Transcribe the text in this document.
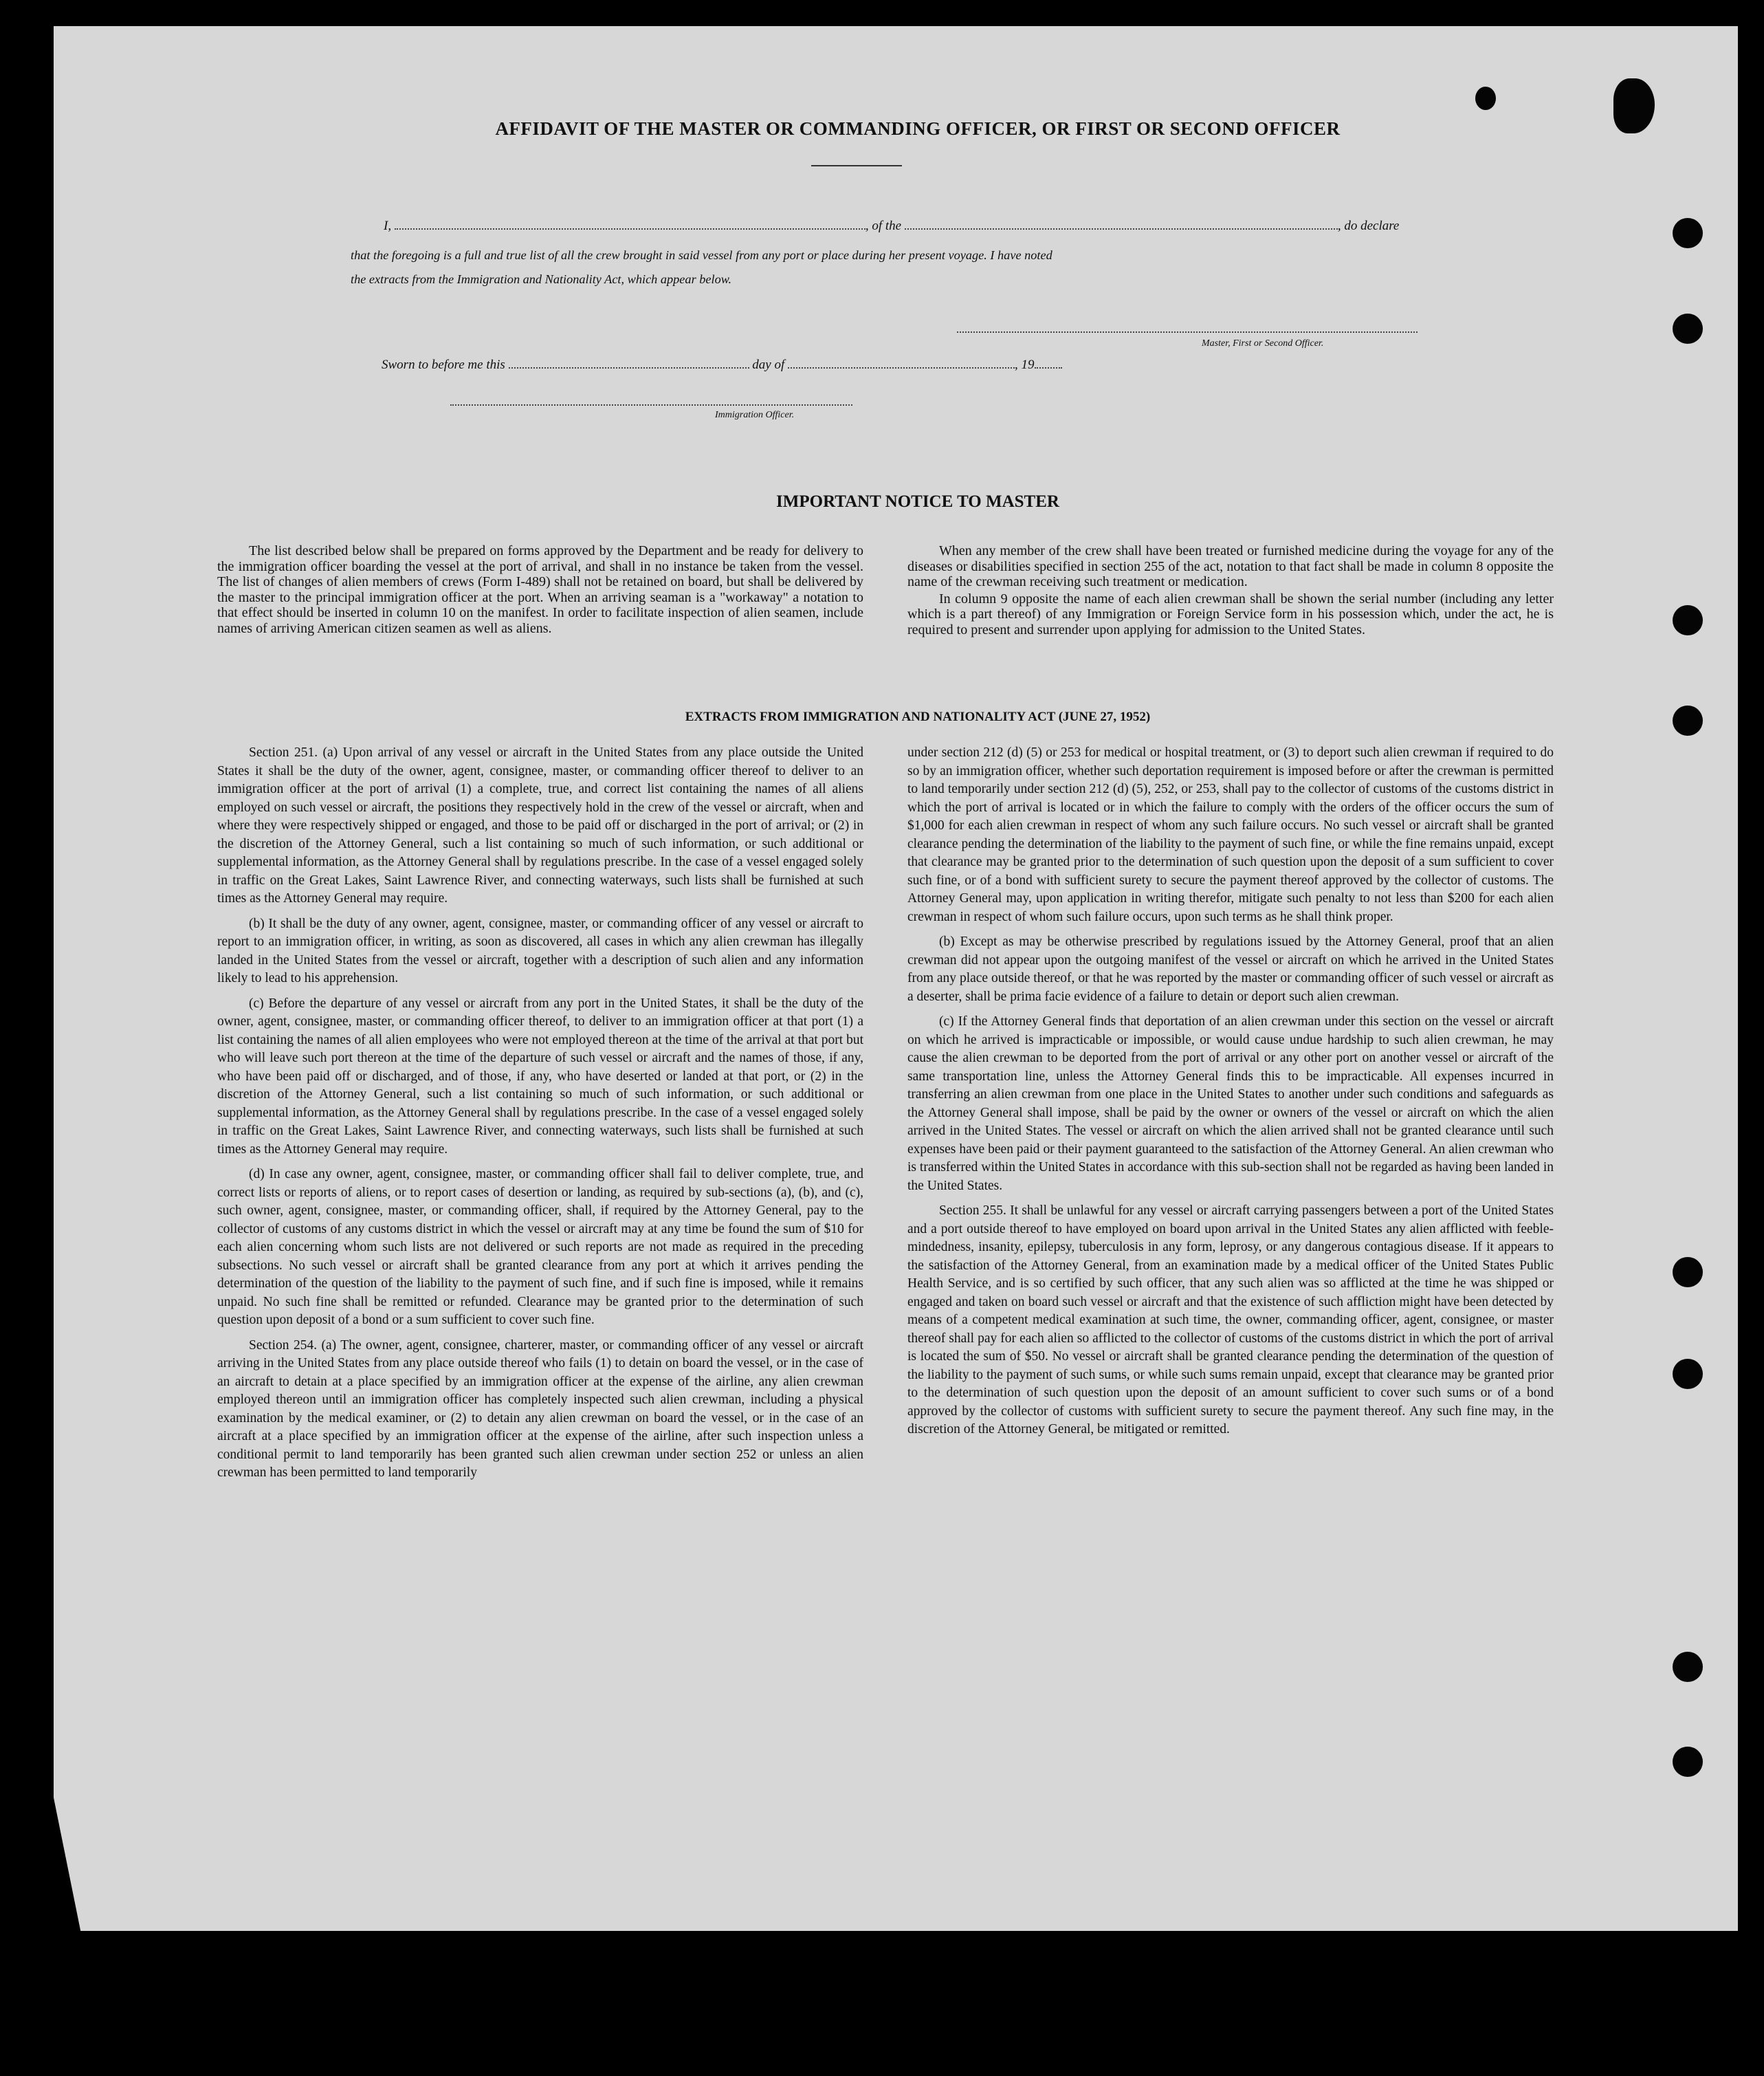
AFFIDAVIT OF THE MASTER OR COMMANDING OFFICER, OR FIRST OR SECOND OFFICER
I,	, of the	, do declare
that the foregoing is a full and true list of all the crew brought in said vessel from any port or place during her present voyage. I have noted
the extracts from the Immigration and Nationality Act, which appear below.
Master, First or Second Officer.
Sworn to before me this	day of	, 19
Immigration Officer.
IMPORTANT NOTICE TO MASTER

The list described below shall be prepared on forms approved by the Department and be ready for delivery to the immigration officer boarding the vessel at the port of arrival, and shall in no instance be taken from the vessel. The list of changes of alien members of crews (Form I-489) shall not be retained on board, but shall be delivered by the master to the principal immigration officer at the port. When an arriving seaman is a "workaway" a notation to that effect should be inserted in column 10 on the manifest. In order to facilitate inspection of alien seamen, include names of arriving American citizen seamen as well as aliens.

When any member of the crew shall have been treated or furnished medicine during the voyage for any of the diseases or disabilities specified in section 255 of the act, notation to that fact shall be made in column 8 opposite the name of the crewman receiving such treatment or medication.

In column 9 opposite the name of each alien crewman shall be shown the serial number (including any letter which is a part thereof) of any Immigration or Foreign Service form in his possession which, under the act, he is required to present and surrender upon applying for admission to the United States.

EXTRACTS FROM IMMIGRATION AND NATIONALITY ACT (JUNE 27, 1952)

Section 251. (a) Upon arrival of any vessel or aircraft in the United States from any place outside the United States it shall be the duty of the owner, agent, consignee, master, or commanding officer thereof to deliver to an immigration officer at the port of arrival (1) a complete, true, and correct list containing the names of all aliens employed on such vessel or aircraft, the positions they respectively hold in the crew of the vessel or aircraft, when and where they were respectively shipped or engaged, and those to be paid off or discharged in the port of arrival; or (2) in the discretion of the Attorney General, such a list containing so much of such information, or such additional or supplemental information, as the Attorney General shall by regulations prescribe. In the case of a vessel engaged solely in traffic on the Great Lakes, Saint Lawrence River, and connecting waterways, such lists shall be furnished at such times as the Attorney General may require.

(b) It shall be the duty of any owner, agent, consignee, master, or commanding officer of any vessel or aircraft to report to an immigration officer, in writing, as soon as discovered, all cases in which any alien crewman has illegally landed in the United States from the vessel or aircraft, together with a description of such alien and any information likely to lead to his apprehension.

(c) Before the departure of any vessel or aircraft from any port in the United States, it shall be the duty of the owner, agent, consignee, master, or commanding officer thereof, to deliver to an immigration officer at that port (1) a list containing the names of all alien employees who were not employed thereon at the time of the arrival at that port but who will leave such port thereon at the time of the departure of such vessel or aircraft and the names of those, if any, who have been paid off or discharged, and of those, if any, who have deserted or landed at that port, or (2) in the discretion of the Attorney General, such a list containing so much of such information, or such additional or supplemental information, as the Attorney General shall by regulations prescribe. In the case of a vessel engaged solely in traffic on the Great Lakes, Saint Lawrence River, and connecting waterways, such lists shall be furnished at such times as the Attorney General may require.

(d) In case any owner, agent, consignee, master, or commanding officer shall fail to deliver complete, true, and correct lists or reports of aliens, or to report cases of desertion or landing, as required by sub-sections (a), (b), and (c), such owner, agent, consignee, master, or commanding officer, shall, if required by the Attorney General, pay to the collector of customs of any customs district in which the vessel or aircraft may at any time be found the sum of $10 for each alien concerning whom such lists are not delivered or such reports are not made as required in the preceding subsections. No such vessel or aircraft shall be granted clearance from any port at which it arrives pending the determination of the question of the liability to the payment of such fine, and if such fine is imposed, while it remains unpaid. No such fine shall be remitted or refunded. Clearance may be granted prior to the determination of such question upon deposit of a bond or a sum sufficient to cover such fine.

Section 254. (a) The owner, agent, consignee, charterer, master, or commanding officer of any vessel or aircraft arriving in the United States from any place outside thereof who fails (1) to detain on board the vessel, or in the case of an aircraft to detain at a place specified by an immigration officer at the expense of the airline, any alien crewman employed thereon until an immigration officer has completely inspected such alien crewman, including a physical examination by the medical examiner, or (2) to detain any alien crewman on board the vessel, or in the case of an aircraft at a place specified by an immigration officer at the expense of the airline, after such inspection unless a conditional permit to land temporarily has been granted such alien crewman under section 252 or unless an alien crewman has been permitted to land temporarily

under section 212 (d) (5) or 253 for medical or hospital treatment, or (3) to deport such alien crewman if required to do so by an immigration officer, whether such deportation requirement is imposed before or after the crewman is permitted to land temporarily under section 212 (d) (5), 252, or 253, shall pay to the collector of customs of the customs district in which the port of arrival is located or in which the failure to comply with the orders of the officer occurs the sum of $1,000 for each alien crewman in respect of whom any such failure occurs. No such vessel or aircraft shall be granted clearance pending the determination of the liability to the payment of such fine, or while the fine remains unpaid, except that clearance may be granted prior to the determination of such question upon the deposit of a sum sufficient to cover such fine, or of a bond with sufficient surety to secure the payment thereof approved by the collector of customs. The Attorney General may, upon application in writing therefor, mitigate such penalty to not less than $200 for each alien crewman in respect of whom such failure occurs, upon such terms as he shall think proper.

(b) Except as may be otherwise prescribed by regulations issued by the Attorney General, proof that an alien crewman did not appear upon the outgoing manifest of the vessel or aircraft on which he arrived in the United States from any place outside thereof, or that he was reported by the master or commanding officer of such vessel or aircraft as a deserter, shall be prima facie evidence of a failure to detain or deport such alien crewman.

(c) If the Attorney General finds that deportation of an alien crewman under this section on the vessel or aircraft on which he arrived is impracticable or impossible, or would cause undue hardship to such alien crewman, he may cause the alien crewman to be deported from the port of arrival or any other port on another vessel or aircraft of the same transportation line, unless the Attorney General finds this to be impracticable. All expenses incurred in transferring an alien crewman from one place in the United States to another under such conditions and safeguards as the Attorney General shall impose, shall be paid by the owner or owners of the vessel or aircraft on which the alien arrived in the United States. The vessel or aircraft on which the alien arrived shall not be granted clearance until such expenses have been paid or their payment guaranteed to the satisfaction of the Attorney General. An alien crewman who is transferred within the United States in accordance with this sub-section shall not be regarded as having been landed in the United States.

Section 255. It shall be unlawful for any vessel or aircraft carrying passengers between a port of the United States and a port outside thereof to have employed on board upon arrival in the United States any alien afflicted with feeble-mindedness, insanity, epilepsy, tuberculosis in any form, leprosy, or any dangerous contagious disease. If it appears to the satisfaction of the Attorney General, from an examination made by a medical officer of the United States Public Health Service, and is so certified by such officer, that any such alien was so afflicted at the time he was shipped or engaged and taken on board such vessel or aircraft and that the existence of such affliction might have been detected by means of a competent medical examination at such time, the owner, commanding officer, agent, consignee, or master thereof shall pay for each alien so afflicted to the collector of customs of the customs district in which the port of arrival is located the sum of $50. No vessel or aircraft shall be granted clearance pending the determination of the question of the liability to the payment of such sums, or while such sums remain unpaid, except that clearance may be granted prior to the determination of such question upon the deposit of an amount sufficient to cover such sums or of a bond approved by the collector of customs with sufficient surety to secure the payment thereof. Any such fine may, in the discretion of the Attorney General, be mitigated or remitted.
